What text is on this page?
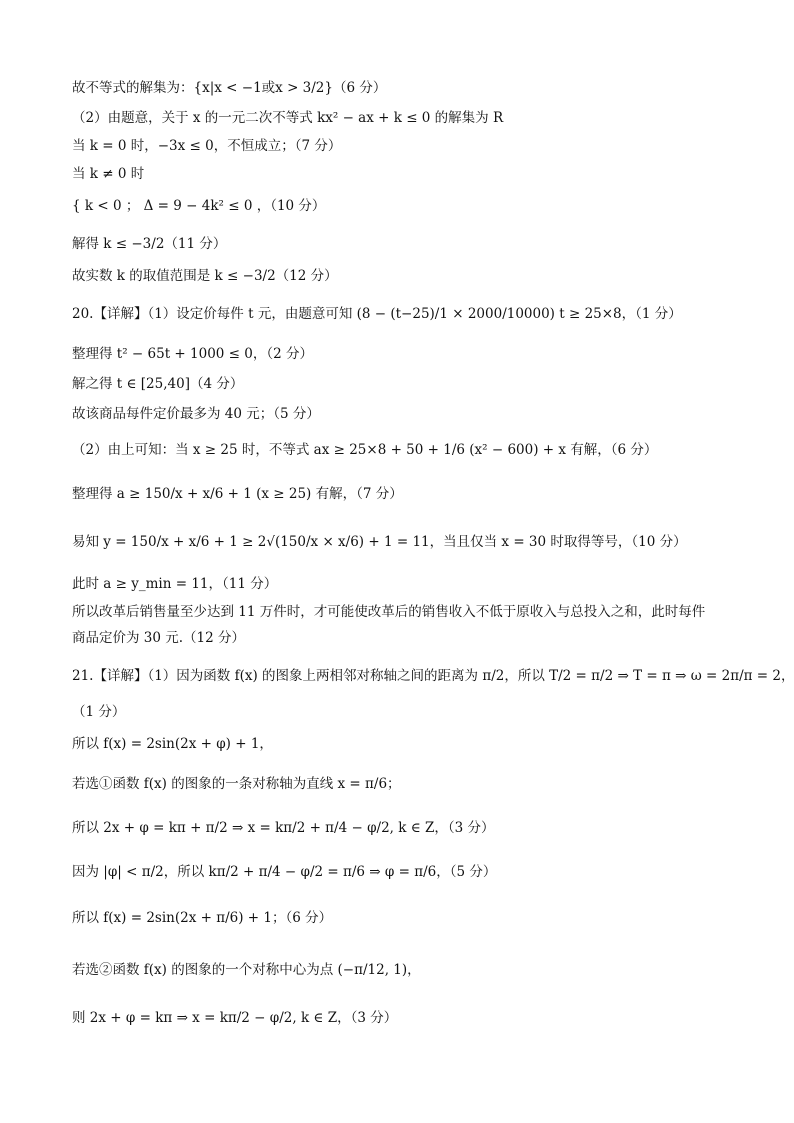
故不等式的解集为：{x|x < −1或x > 3/2}（6 分）
（2）由题意，关于 x 的一元二次不等式 kx² − ax + k ≤ 0 的解集为 R
当 k = 0 时，−3x ≤ 0，不恒成立；（7 分）
当 k ≠ 0 时
{ k < 0 ； Δ = 9 − 4k² ≤ 0 ，（10 分）
解得 k ≤ −3/2（11 分）
故实数 k 的取值范围是 k ≤ −3/2（12 分）
20.【详解】（1）设定价每件 t 元，由题意可知 (8 − (t−25)/1 × 2000/10000) t ≥ 25×8，（1 分）
整理得 t² − 65t + 1000 ≤ 0，（2 分）
解之得 t ∈ [25,40]（4 分）
故该商品每件定价最多为 40 元；（5 分）
（2）由上可知：当 x ≥ 25 时，不等式 ax ≥ 25×8 + 50 + 1/6 (x² − 600) + x 有解，（6 分）
整理得 a ≥ 150/x + x/6 + 1 (x ≥ 25) 有解，（7 分）
易知 y = 150/x + x/6 + 1 ≥ 2√(150/x × x/6) + 1 = 11，当且仅当 x = 30 时取得等号，（10 分）
此时 a ≥ y_min = 11，（11 分）
所以改革后销售量至少达到 11 万件时，才可能使改革后的销售收入不低于原收入与总投入之和，此时每件
商品定价为 30 元.（12 分）
21.【详解】（1）因为函数 f(x) 的图象上两相邻对称轴之间的距离为 π/2，所以 T/2 = π/2 ⇒ T = π ⇒ ω = 2π/π = 2，
（1 分）
所以 f(x) = 2sin(2x + φ) + 1，
若选①函数 f(x) 的图象的一条对称轴为直线 x = π/6；
所以 2x + φ = kπ + π/2 ⇒ x = kπ/2 + π/4 − φ/2, k ∈ Z，（3 分）
因为 |φ| < π/2，所以 kπ/2 + π/4 − φ/2 = π/6 ⇒ φ = π/6，（5 分）
所以 f(x) = 2sin(2x + π/6) + 1；（6 分）
若选②函数 f(x) 的图象的一个对称中心为点 (−π/12, 1)，
则 2x + φ = kπ ⇒ x = kπ/2 − φ/2, k ∈ Z，（3 分）
